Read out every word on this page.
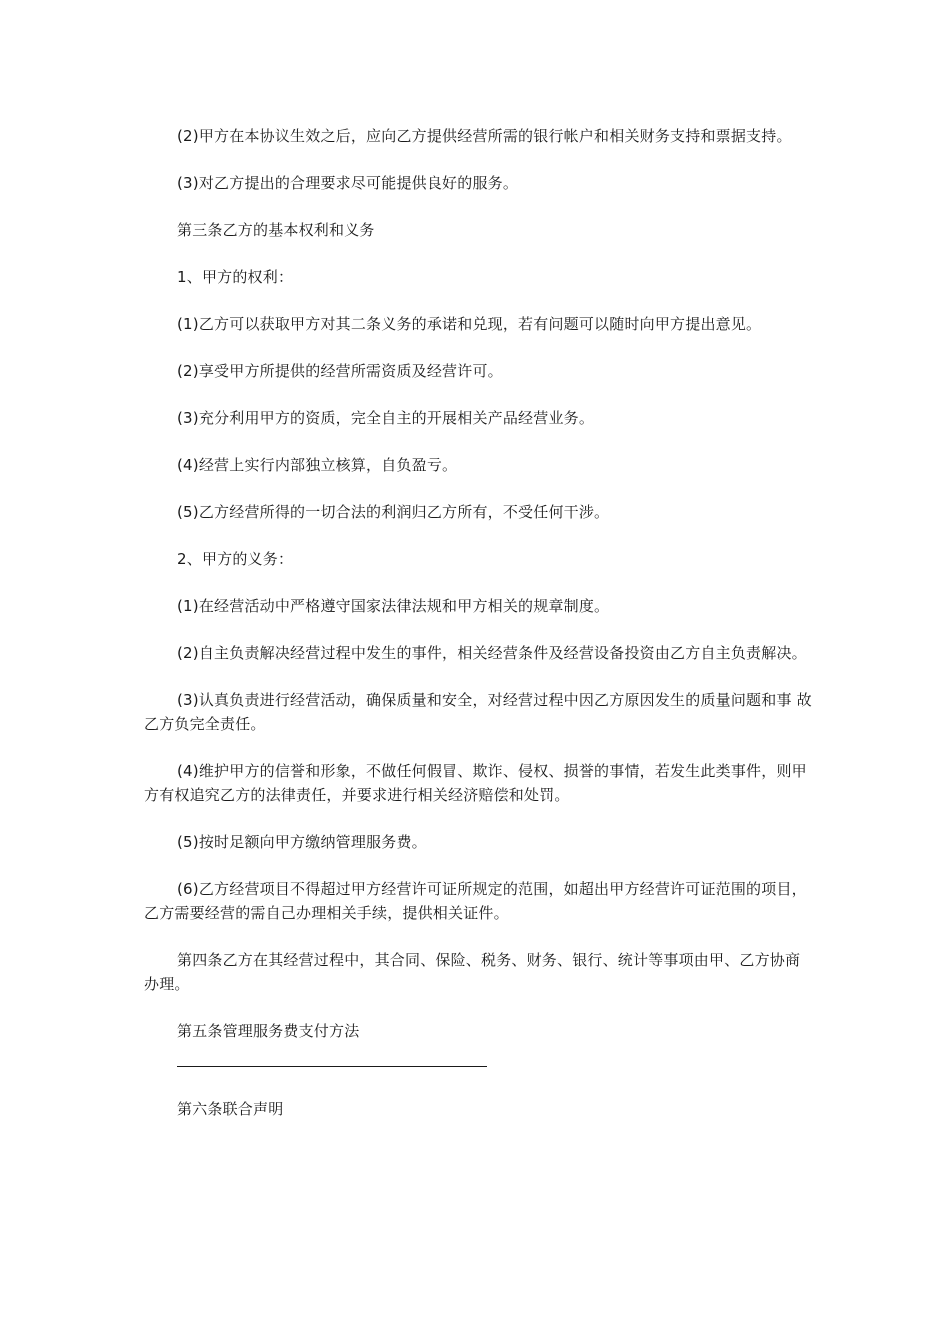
(2)甲方在本协议生效之后，应向乙方提供经营所需的银行帐户和相关财务支持和票据支持。

(3)对乙方提出的合理要求尽可能提供良好的服务。

第三条乙方的基本权利和义务

1、甲方的权利：

(1)乙方可以获取甲方对其二条义务的承诺和兑现，若有问题可以随时向甲方提出意见。

(2)享受甲方所提供的经营所需资质及经营许可。

(3)充分利用甲方的资质，完全自主的开展相关产品经营业务。

(4)经营上实行内部独立核算，自负盈亏。

(5)乙方经营所得的一切合法的利润归乙方所有，不受任何干涉。

2、甲方的义务：

(1)在经营活动中严格遵守国家法律法规和甲方相关的规章制度。

(2)自主负责解决经营过程中发生的事件，相关经营条件及经营设备投资由乙方自主负责解决。

(3)认真负责进行经营活动，确保质量和安全，对经营过程中因乙方原因发生的质量问题和事 故乙方负完全责任。

(4)维护甲方的信誉和形象，不做任何假冒、欺诈、侵权、损誉的事情，若发生此类事件，则甲方有权追究乙方的法律责任，并要求进行相关经济赔偿和处罚。

(5)按时足额向甲方缴纳管理服务费。

(6)乙方经营项目不得超过甲方经营许可证所规定的范围，如超出甲方经营许可证范围的项目，乙方需要经营的需自己办理相关手续，提供相关证件。

第四条乙方在其经营过程中，其合同、保险、税务、财务、银行、统计等事项由甲、乙方协商办理。

第五条管理服务费支付方法

第六条联合声明
